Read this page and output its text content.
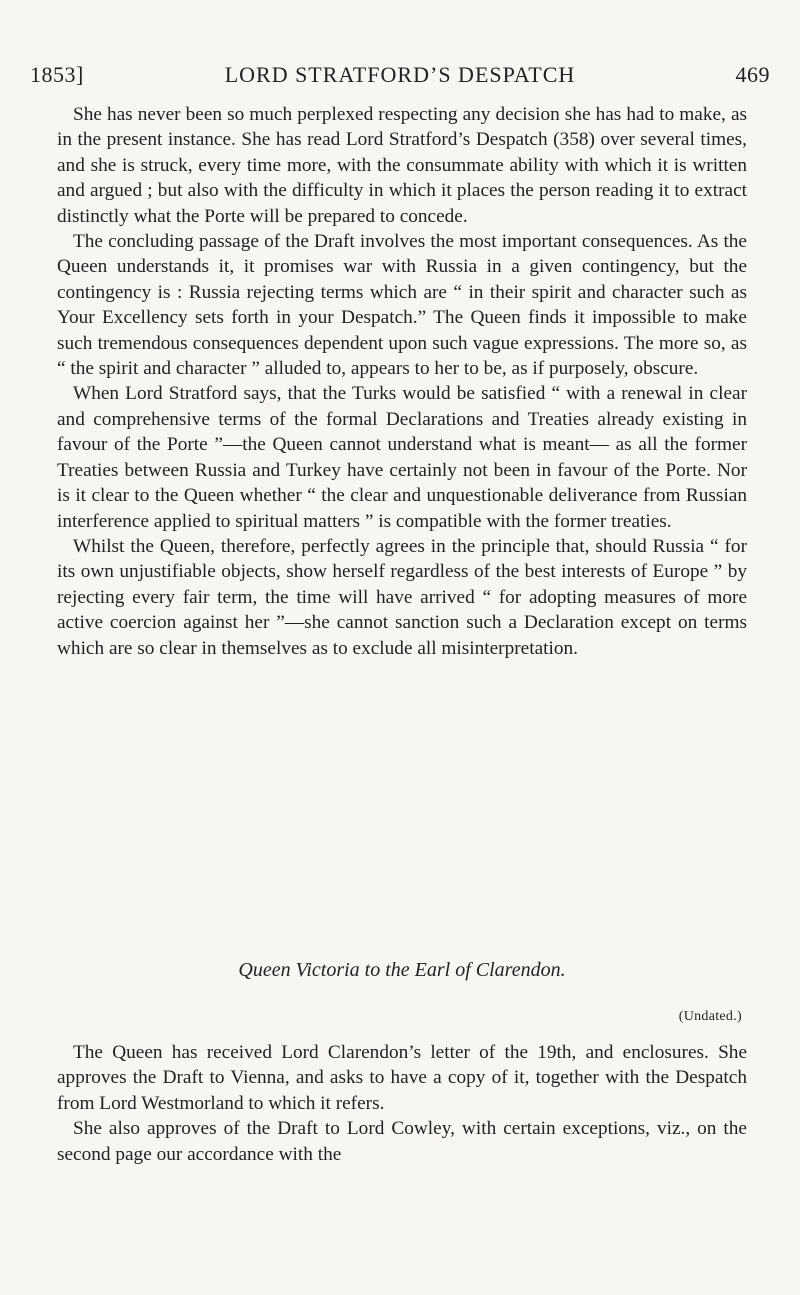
1853]	LORD STRATFORD’S DESPATCH	469

She has never been so much perplexed respecting any decision she has had to make, as in the present instance. She has read Lord Stratford’s Despatch (358) over several times, and she is struck, every time more, with the consummate ability with which it is written and argued ; but also with the difficulty in which it places the person reading it to extract distinctly what the Porte will be prepared to concede.

The concluding passage of the Draft involves the most important consequences. As the Queen understands it, it promises war with Russia in a given contingency, but the contingency is : Russia rejecting terms which are “ in their spirit and character such as Your Excellency sets forth in your Despatch.” The Queen finds it impossible to make such tremendous consequences dependent upon such vague expressions. The more so, as “ the spirit and character ” alluded to, appears to her to be, as if purposely, obscure.

When Lord Stratford says, that the Turks would be satisfied “ with a renewal in clear and comprehensive terms of the formal Declarations and Treaties already existing in favour of the Porte ”—the Queen cannot understand what is meant— as all the former Treaties between Russia and Turkey have certainly not been in favour of the Porte. Nor is it clear to the Queen whether “ the clear and unquestionable deliverance from Russian interference applied to spiritual matters ” is compatible with the former treaties.

Whilst the Queen, therefore, perfectly agrees in the principle that, should Russia “ for its own unjustifiable objects, show herself regardless of the best interests of Europe ” by rejecting every fair term, the time will have arrived “ for adopting measures of more active coercion against her ”—she cannot sanction such a Declaration except on terms which are so clear in themselves as to exclude all misinterpretation.

Queen Victoria to the Earl of Clarendon.
(Undated.)

The Queen has received Lord Clarendon’s letter of the 19th, and enclosures. She approves the Draft to Vienna, and asks to have a copy of it, together with the Despatch from Lord Westmorland to which it refers.

She also approves of the Draft to Lord Cowley, with certain exceptions, viz., on the second page our accordance with the
